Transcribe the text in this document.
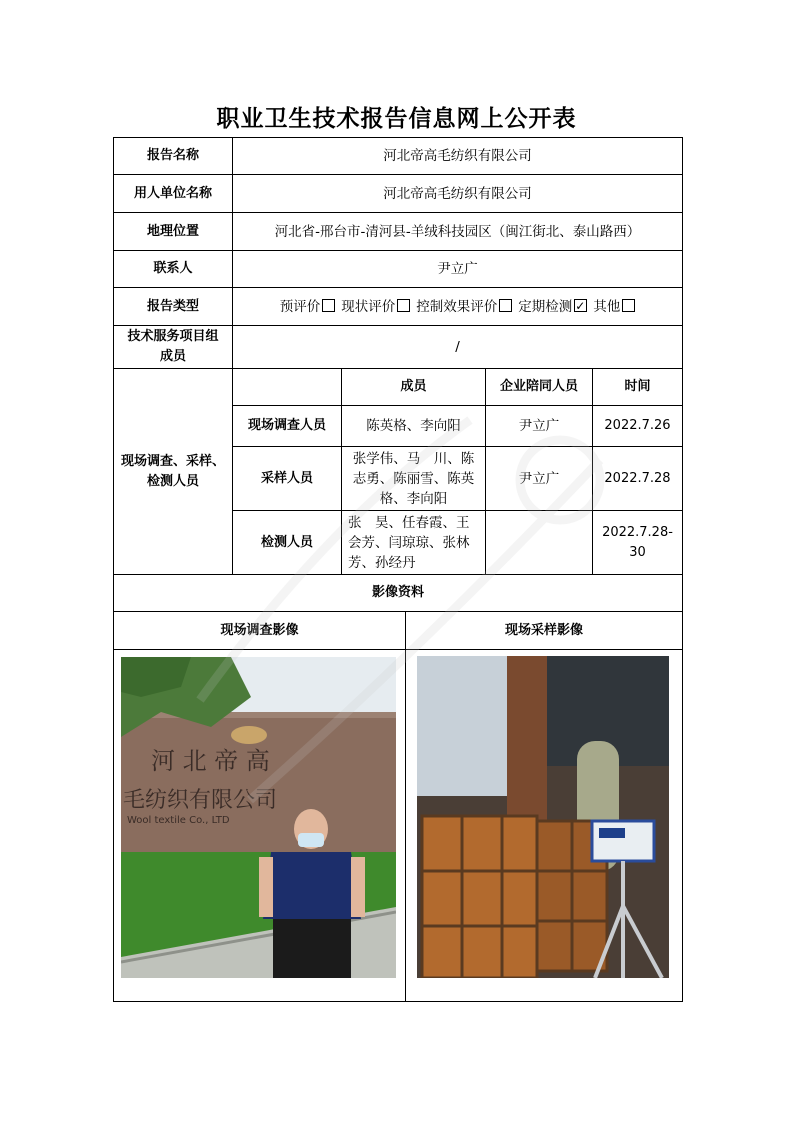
职业卫生技术报告信息网上公开表
报告名称	河北帝高毛纺织有限公司
用人单位名称	河北帝高毛纺织有限公司
地理位置	河北省-邢台市-清河县-羊绒科技园区（闽江街北、泰山路西）
联系人	尹立广
报告类型	预评价	现状评价	控制效果评价	定期检测✓	其他
技术服务项目组成员
/
现场调查、采样、检测人员
成员	企业陪同人员	时间
现场调查人员	陈英格、李向阳	尹立广	2022.7.26
采样人员
张学伟、马　川、陈志勇、陈丽雪、陈英格、李向阳
尹立广	2022.7.28
检测人员
张　昊、任春霞、王会芳、闫琼琼、张林芳、孙经丹
2022.7.28-30
影像资料
现场调查影像	现场采样影像
河 北 帝 高
毛纺织有限公司
Wool textile Co., LTD
